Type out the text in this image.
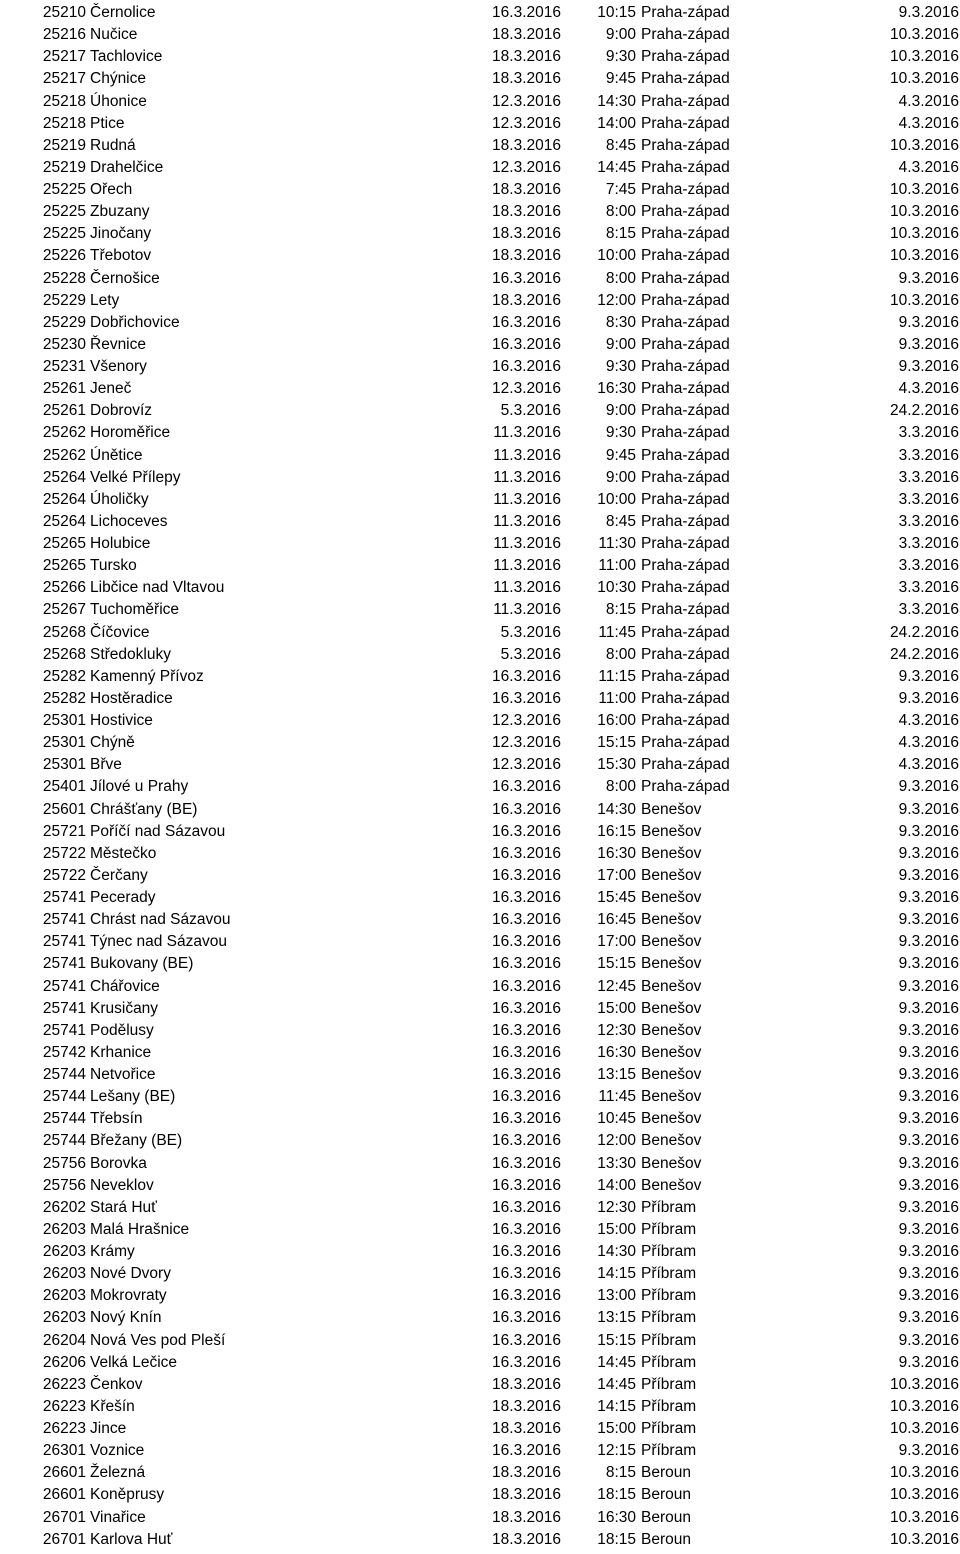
25210	Černolice	16.3.2016	10:15	Praha-západ	9.3.2016
25216	Nučice	18.3.2016	9:00	Praha-západ	10.3.2016
25217	Tachlovice	18.3.2016	9:30	Praha-západ	10.3.2016
25217	Chýnice	18.3.2016	9:45	Praha-západ	10.3.2016
25218	Úhonice	12.3.2016	14:30	Praha-západ	4.3.2016
25218	Ptice	12.3.2016	14:00	Praha-západ	4.3.2016
25219	Rudná	18.3.2016	8:45	Praha-západ	10.3.2016
25219	Drahelčice	12.3.2016	14:45	Praha-západ	4.3.2016
25225	Ořech	18.3.2016	7:45	Praha-západ	10.3.2016
25225	Zbuzany	18.3.2016	8:00	Praha-západ	10.3.2016
25225	Jinočany	18.3.2016	8:15	Praha-západ	10.3.2016
25226	Třebotov	18.3.2016	10:00	Praha-západ	10.3.2016
25228	Černošice	16.3.2016	8:00	Praha-západ	9.3.2016
25229	Lety	18.3.2016	12:00	Praha-západ	10.3.2016
25229	Dobřichovice	16.3.2016	8:30	Praha-západ	9.3.2016
25230	Řevnice	16.3.2016	9:00	Praha-západ	9.3.2016
25231	Všenory	16.3.2016	9:30	Praha-západ	9.3.2016
25261	Jeneč	12.3.2016	16:30	Praha-západ	4.3.2016
25261	Dobrovíz	5.3.2016	9:00	Praha-západ	24.2.2016
25262	Horoměřice	11.3.2016	9:30	Praha-západ	3.3.2016
25262	Únětice	11.3.2016	9:45	Praha-západ	3.3.2016
25264	Velké Přílepy	11.3.2016	9:00	Praha-západ	3.3.2016
25264	Úholičky	11.3.2016	10:00	Praha-západ	3.3.2016
25264	Lichoceves	11.3.2016	8:45	Praha-západ	3.3.2016
25265	Holubice	11.3.2016	11:30	Praha-západ	3.3.2016
25265	Tursko	11.3.2016	11:00	Praha-západ	3.3.2016
25266	Libčice nad Vltavou	11.3.2016	10:30	Praha-západ	3.3.2016
25267	Tuchoměřice	11.3.2016	8:15	Praha-západ	3.3.2016
25268	Číčovice	5.3.2016	11:45	Praha-západ	24.2.2016
25268	Středokluky	5.3.2016	8:00	Praha-západ	24.2.2016
25282	Kamenný Přívoz	16.3.2016	11:15	Praha-západ	9.3.2016
25282	Hostěradice	16.3.2016	11:00	Praha-západ	9.3.2016
25301	Hostivice	12.3.2016	16:00	Praha-západ	4.3.2016
25301	Chýně	12.3.2016	15:15	Praha-západ	4.3.2016
25301	Břve	12.3.2016	15:30	Praha-západ	4.3.2016
25401	Jílové u Prahy	16.3.2016	8:00	Praha-západ	9.3.2016
25601	Chrášťany (BE)	16.3.2016	14:30	Benešov	9.3.2016
25721	Poříčí nad Sázavou	16.3.2016	16:15	Benešov	9.3.2016
25722	Městečko	16.3.2016	16:30	Benešov	9.3.2016
25722	Čerčany	16.3.2016	17:00	Benešov	9.3.2016
25741	Pecerady	16.3.2016	15:45	Benešov	9.3.2016
25741	Chrást nad Sázavou	16.3.2016	16:45	Benešov	9.3.2016
25741	Týnec nad Sázavou	16.3.2016	17:00	Benešov	9.3.2016
25741	Bukovany (BE)	16.3.2016	15:15	Benešov	9.3.2016
25741	Chářovice	16.3.2016	12:45	Benešov	9.3.2016
25741	Krusičany	16.3.2016	15:00	Benešov	9.3.2016
25741	Podělusy	16.3.2016	12:30	Benešov	9.3.2016
25742	Krhanice	16.3.2016	16:30	Benešov	9.3.2016
25744	Netvořice	16.3.2016	13:15	Benešov	9.3.2016
25744	Lešany (BE)	16.3.2016	11:45	Benešov	9.3.2016
25744	Třebsín	16.3.2016	10:45	Benešov	9.3.2016
25744	Břežany (BE)	16.3.2016	12:00	Benešov	9.3.2016
25756	Borovka	16.3.2016	13:30	Benešov	9.3.2016
25756	Neveklov	16.3.2016	14:00	Benešov	9.3.2016
26202	Stará Huť	16.3.2016	12:30	Příbram	9.3.2016
26203	Malá Hrašnice	16.3.2016	15:00	Příbram	9.3.2016
26203	Krámy	16.3.2016	14:30	Příbram	9.3.2016
26203	Nové Dvory	16.3.2016	14:15	Příbram	9.3.2016
26203	Mokrovraty	16.3.2016	13:00	Příbram	9.3.2016
26203	Nový Knín	16.3.2016	13:15	Příbram	9.3.2016
26204	Nová Ves pod Pleší	16.3.2016	15:15	Příbram	9.3.2016
26206	Velká Lečice	16.3.2016	14:45	Příbram	9.3.2016
26223	Čenkov	18.3.2016	14:45	Příbram	10.3.2016
26223	Křešín	18.3.2016	14:15	Příbram	10.3.2016
26223	Jince	18.3.2016	15:00	Příbram	10.3.2016
26301	Voznice	16.3.2016	12:15	Příbram	9.3.2016
26601	Železná	18.3.2016	8:15	Beroun	10.3.2016
26601	Koněprusy	18.3.2016	18:15	Beroun	10.3.2016
26701	Vinařice	18.3.2016	16:30	Beroun	10.3.2016
26701	Karlova Huť	18.3.2016	18:15	Beroun	10.3.2016
